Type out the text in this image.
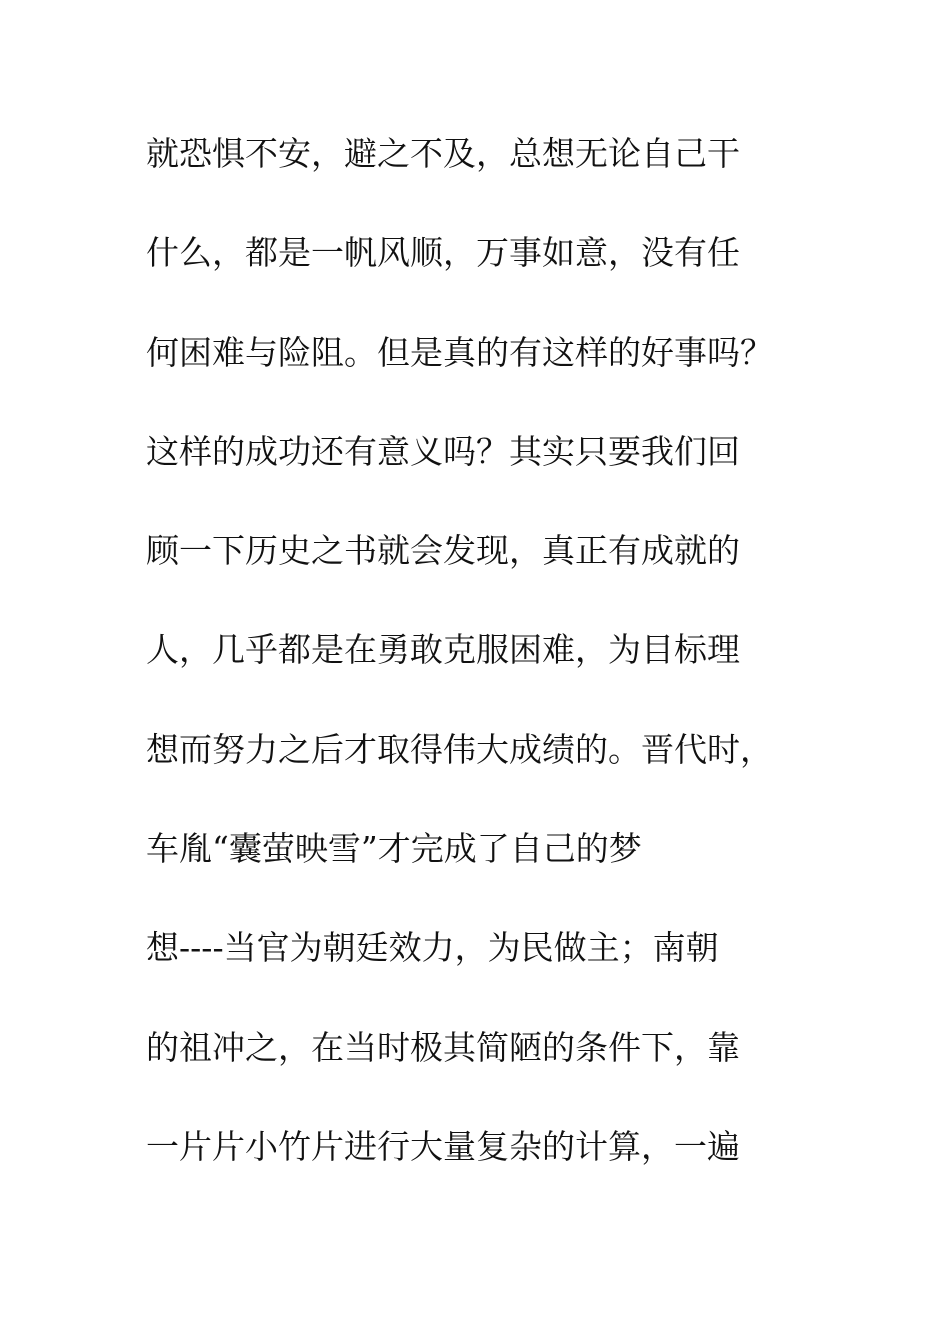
就恐惧不安，避之不及，总想无论自己干
什么，都是一帆风顺，万事如意，没有任
何困难与险阻。但是真的有这样的好事吗？
这样的成功还有意义吗？其实只要我们回
顾一下历史之书就会发现，真正有成就的
人，几乎都是在勇敢克服困难，为目标理
想而努力之后才取得伟大成绩的。晋代时，
车胤“囊萤映雪”才完成了自己的梦
想----当官为朝廷效力，为民做主；南朝
的祖冲之，在当时极其简陋的条件下，靠
一片片小竹片进行大量复杂的计算，一遍
